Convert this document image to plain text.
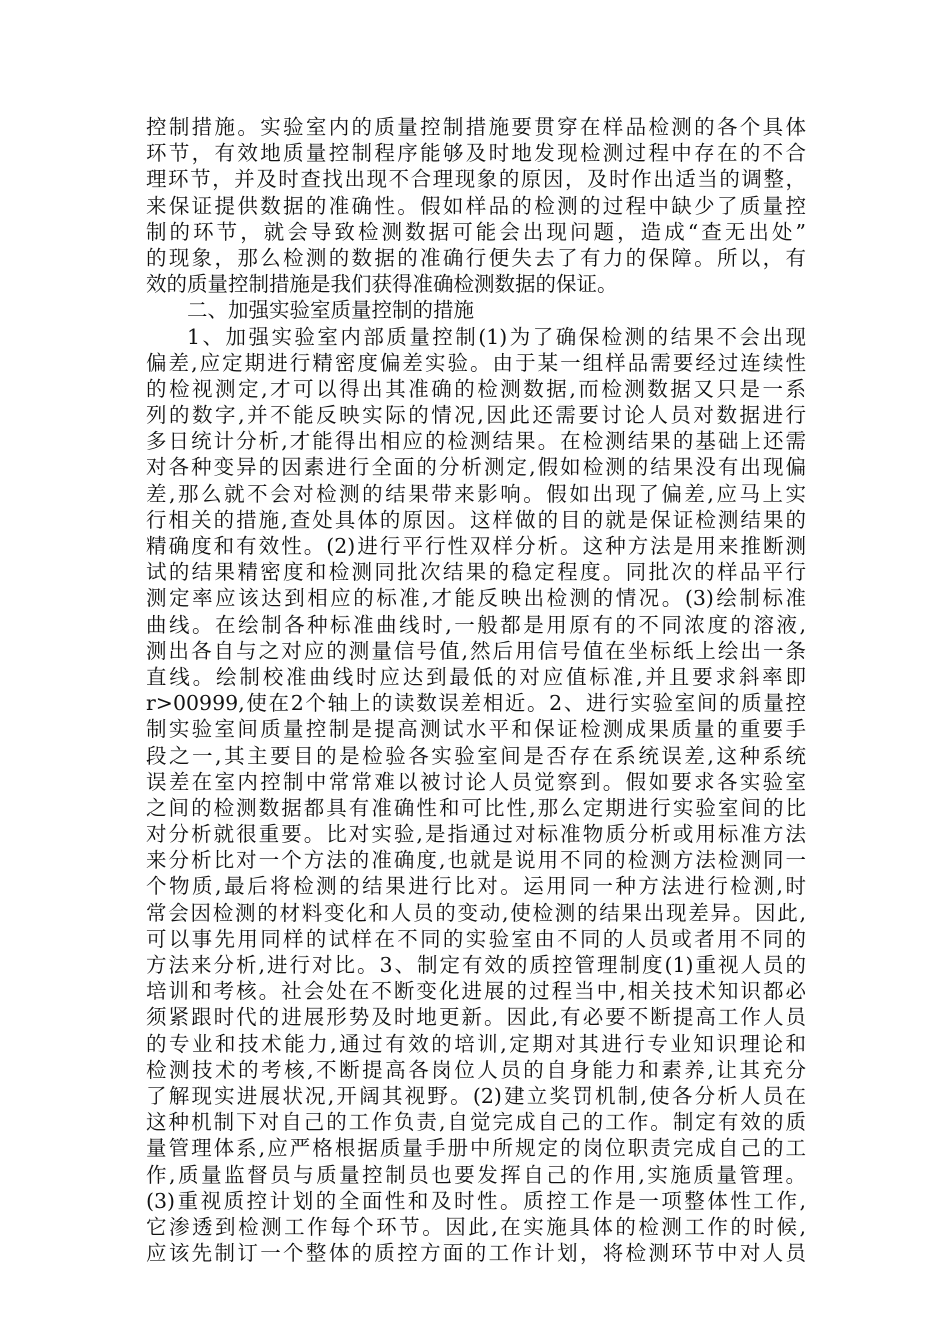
控制措施。实验室内的质量控制措施要贯穿在样品检测的各个具体
环节，有效地质量控制程序能够及时地发现检测过程中存在的不合
理环节，并及时查找出现不合理现象的原因，及时作出适当的调整，
来保证提供数据的准确性。假如样品的检测的过程中缺少了质量控
制的环节，就会导致检测数据可能会出现问题，造成“查无出处”
的现象，那么检测的数据的准确行便失去了有力的保障。所以，有
效的质量控制措施是我们获得准确检测数据的保证。
二、加强实验室质量控制的措施
1、加强实验室内部质量控制(1)为了确保检测的结果不会出现
偏差,应定期进行精密度偏差实验。由于某一组样品需要经过连续性
的检视测定,才可以得出其准确的检测数据,而检测数据又只是一系
列的数字,并不能反映实际的情况,因此还需要讨论人员对数据进行
多日统计分析,才能得出相应的检测结果。在检测结果的基础上还需
对各种变异的因素进行全面的分析测定,假如检测的结果没有出现偏
差,那么就不会对检测的结果带来影响。假如出现了偏差,应马上实
行相关的措施,查处具体的原因。这样做的目的就是保证检测结果的
精确度和有效性。(2)进行平行性双样分析。这种方法是用来推断测
试的结果精密度和检测同批次结果的稳定程度。同批次的样品平行
测定率应该达到相应的标准,才能反映出检测的情况。(3)绘制标准
曲线。在绘制各种标准曲线时,一般都是用原有的不同浓度的溶液,
测出各自与之对应的测量信号值,然后用信号值在坐标纸上绘出一条
直线。绘制校准曲线时应达到最低的对应值标准,并且要求斜率即
r>00999,使在2个轴上的读数误差相近。2、进行实验室间的质量控
制实验室间质量控制是提高测试水平和保证检测成果质量的重要手
段之一,其主要目的是检验各实验室间是否存在系统误差,这种系统
误差在室内控制中常常难以被讨论人员觉察到。假如要求各实验室
之间的检测数据都具有准确性和可比性,那么定期进行实验室间的比
对分析就很重要。比对实验,是指通过对标准物质分析或用标准方法
来分析比对一个方法的准确度,也就是说用不同的检测方法检测同一
个物质,最后将检测的结果进行比对。运用同一种方法进行检测,时
常会因检测的材料变化和人员的变动,使检测的结果出现差异。因此,
可以事先用同样的试样在不同的实验室由不同的人员或者用不同的
方法来分析,进行对比。3、制定有效的质控管理制度(1)重视人员的
培训和考核。社会处在不断变化进展的过程当中,相关技术知识都必
须紧跟时代的进展形势及时地更新。因此,有必要不断提高工作人员
的专业和技术能力,通过有效的培训,定期对其进行专业知识理论和
检测技术的考核,不断提高各岗位人员的自身能力和素养,让其充分
了解现实进展状况,开阔其视野。(2)建立奖罚机制,使各分析人员在
这种机制下对自己的工作负责,自觉完成自己的工作。制定有效的质
量管理体系,应严格根据质量手册中所规定的岗位职责完成自己的工
作,质量监督员与质量控制员也要发挥自己的作用,实施质量管理。
(3)重视质控计划的全面性和及时性。质控工作是一项整体性工作,
它渗透到检测工作每个环节。因此,在实施具体的检测工作的时候,
应该先制订一个整体的质控方面的工作计划，将检测环节中对人员
